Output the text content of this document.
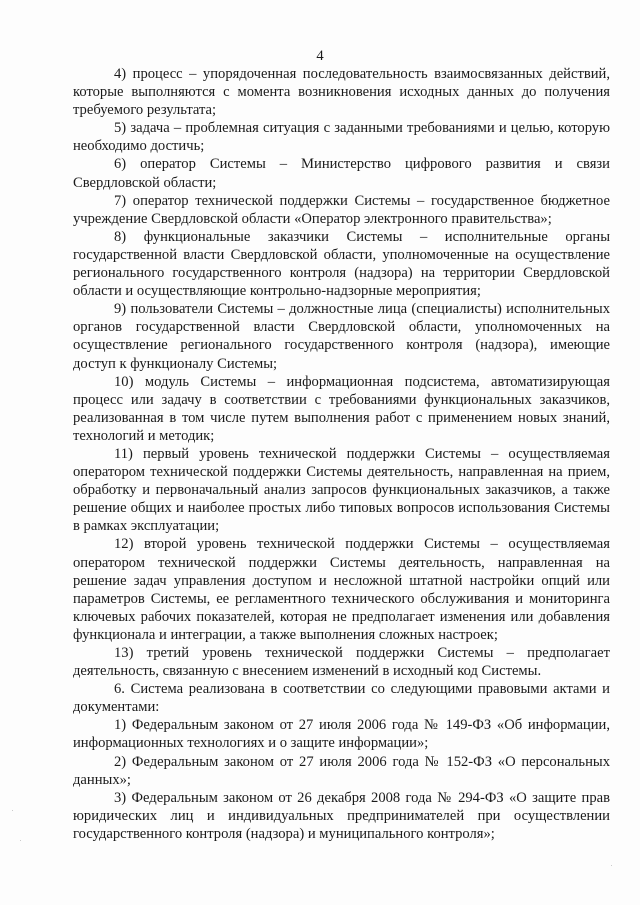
4

4) процесс – упорядоченная последовательность взаимосвязанных действий, которые выполняются с момента возникновения исходных данных до получения требуемого результата;

5) задача – проблемная ситуация с заданными требованиями и целью, которую необходимо достичь;

6) оператор Системы – Министерство цифрового развития и связи Свердловской области;

7) оператор технической поддержки Системы – государственное бюджетное учреждение Свердловской области «Оператор электронного правительства»;

8) функциональные заказчики Системы – исполнительные органы государственной власти Свердловской области, уполномоченные на осуществление регионального государственного контроля (надзора) на территории Свердловской области и осуществляющие контрольно-надзорные мероприятия;

9) пользователи Системы – должностные лица (специалисты) исполнительных органов государственной власти Свердловской области, уполномоченных на осуществление регионального государственного контроля (надзора), имеющие доступ к функционалу Системы;

10) модуль Системы – информационная подсистема, автоматизирующая процесс или задачу в соответствии с требованиями функциональных заказчиков, реализованная в том числе путем выполнения работ с применением новых знаний, технологий и методик;

11) первый уровень технической поддержки Системы – осуществляемая оператором технической поддержки Системы деятельность, направленная на прием, обработку и первоначальный анализ запросов функциональных заказчиков, а также решение общих и наиболее простых либо типовых вопросов использования Системы в рамках эксплуатации;

12) второй уровень технической поддержки Системы – осуществляемая оператором технической поддержки Системы деятельность, направленная на решение задач управления доступом и несложной штатной настройки опций или параметров Системы, ее регламентного технического обслуживания и мониторинга ключевых рабочих показателей, которая не предполагает изменения или добавления функционала и интеграции, а также выполнения сложных настроек;

13) третий уровень технической поддержки Системы – предполагает деятельность, связанную с внесением изменений в исходный код Системы.

6. Система реализована в соответствии со следующими правовыми актами и документами:

1) Федеральным законом от 27 июля 2006 года № 149-ФЗ «Об информации, информационных технологиях и о защите информации»;

2) Федеральным законом от 27 июля 2006 года № 152-ФЗ «О персональных данных»;

3) Федеральным законом от 26 декабря 2008 года № 294-ФЗ «О защите прав юридических лиц и индивидуальных предпринимателей при осуществлении государственного контроля (надзора) и муниципального контроля»;
